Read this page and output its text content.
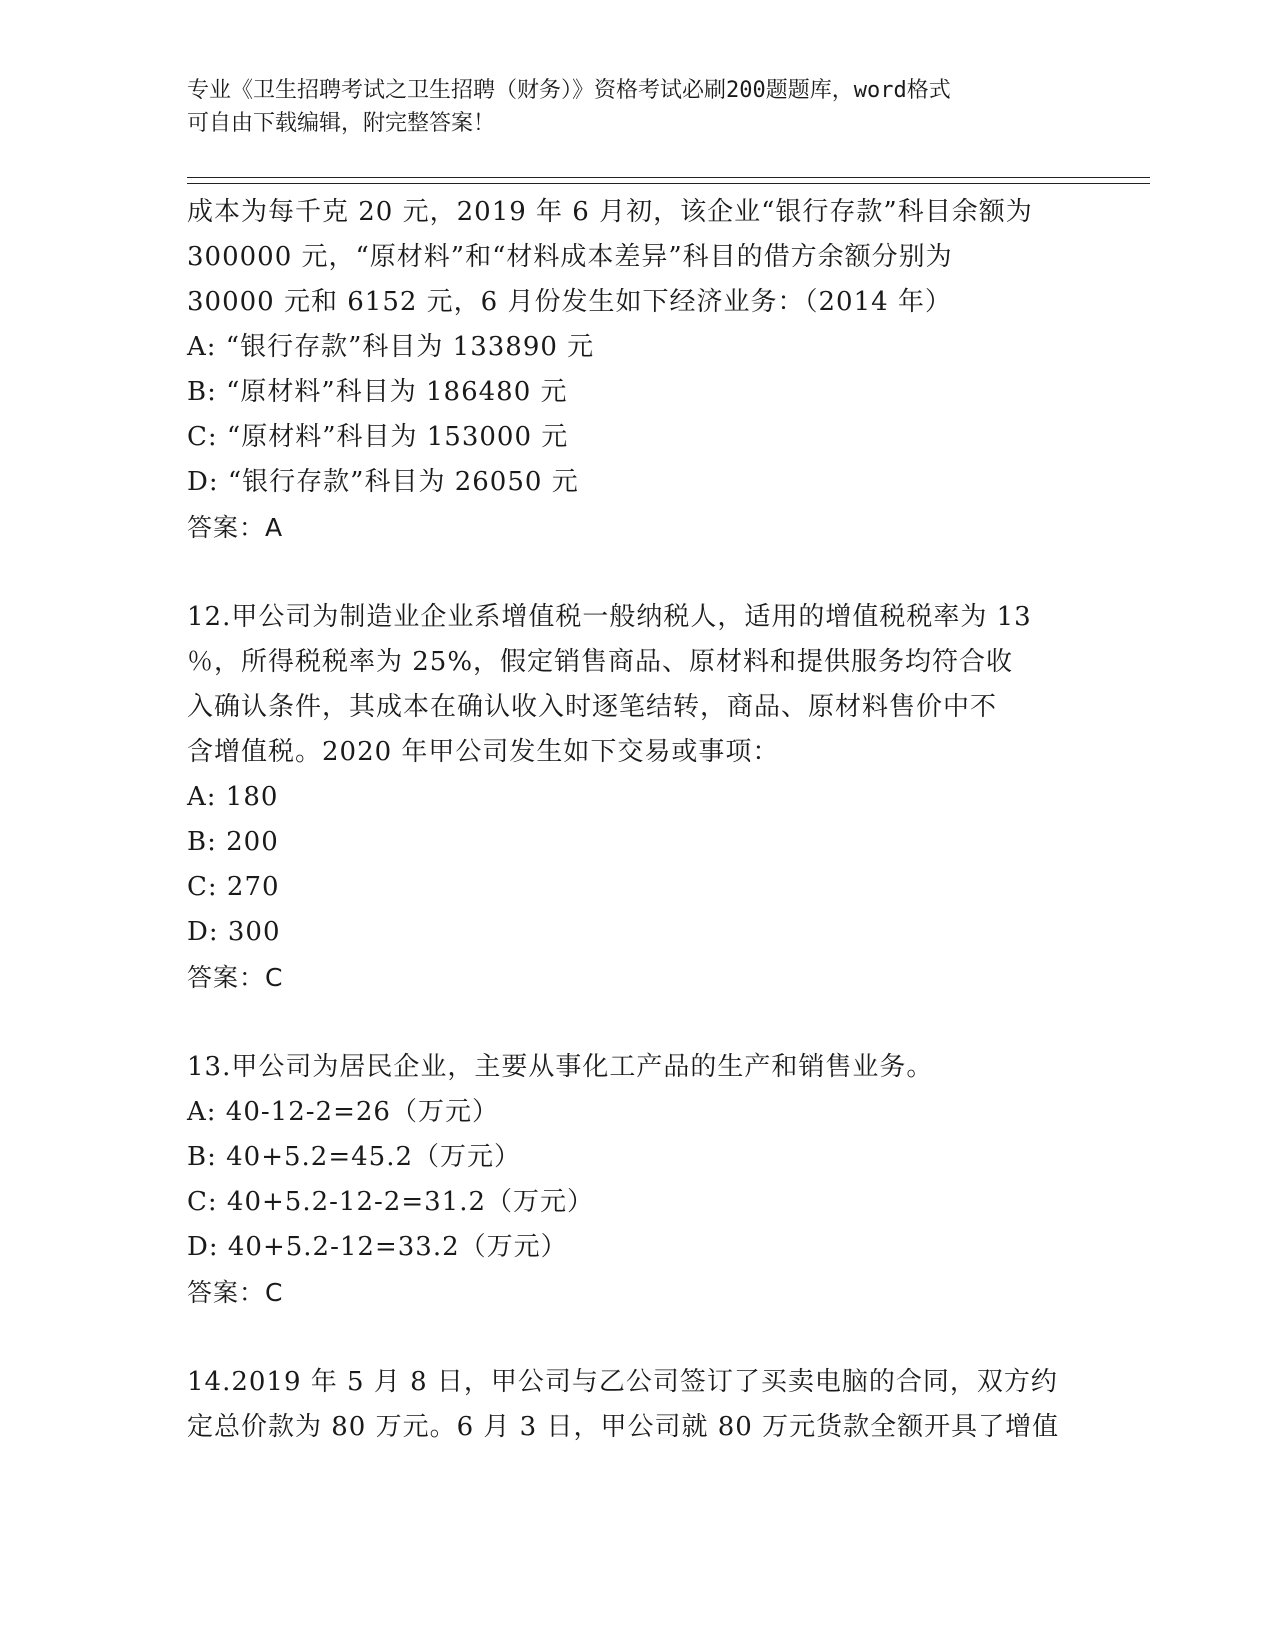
专业《卫生招聘考试之卫生招聘（财务）》资格考试必刷200题题库，word格式
可自由下载编辑，附完整答案！
成本为每千克 20 元，2019 年 6 月初，该企业“银行存款”科目余额为
300000 元，“原材料”和“材料成本差异”科目的借方余额分别为
30000 元和 6152 元，6 月份发生如下经济业务：（2014 年）
A: “银行存款”科目为 133890 元
B: “原材料”科目为 186480 元
C: “原材料”科目为 153000 元
D: “银行存款”科目为 26050 元
答案：A
12.甲公司为制造业企业系增值税一般纳税人，适用的增值税税率为 13
％，所得税税率为 25%，假定销售商品、原材料和提供服务均符合收
入确认条件，其成本在确认收入时逐笔结转，商品、原材料售价中不
含增值税。2020 年甲公司发生如下交易或事项：
A: 180
B: 200
C: 270
D: 300
答案：C
13.甲公司为居民企业，主要从事化工产品的生产和销售业务。
A: 40-12-2=26（万元）
B: 40+5.2=45.2（万元）
C: 40+5.2-12-2=31.2（万元）
D: 40+5.2-12=33.2（万元）
答案：C
14.2019 年 5 月 8 日，甲公司与乙公司签订了买卖电脑的合同，双方约
定总价款为 80 万元。6 月 3 日，甲公司就 80 万元货款全额开具了增值
